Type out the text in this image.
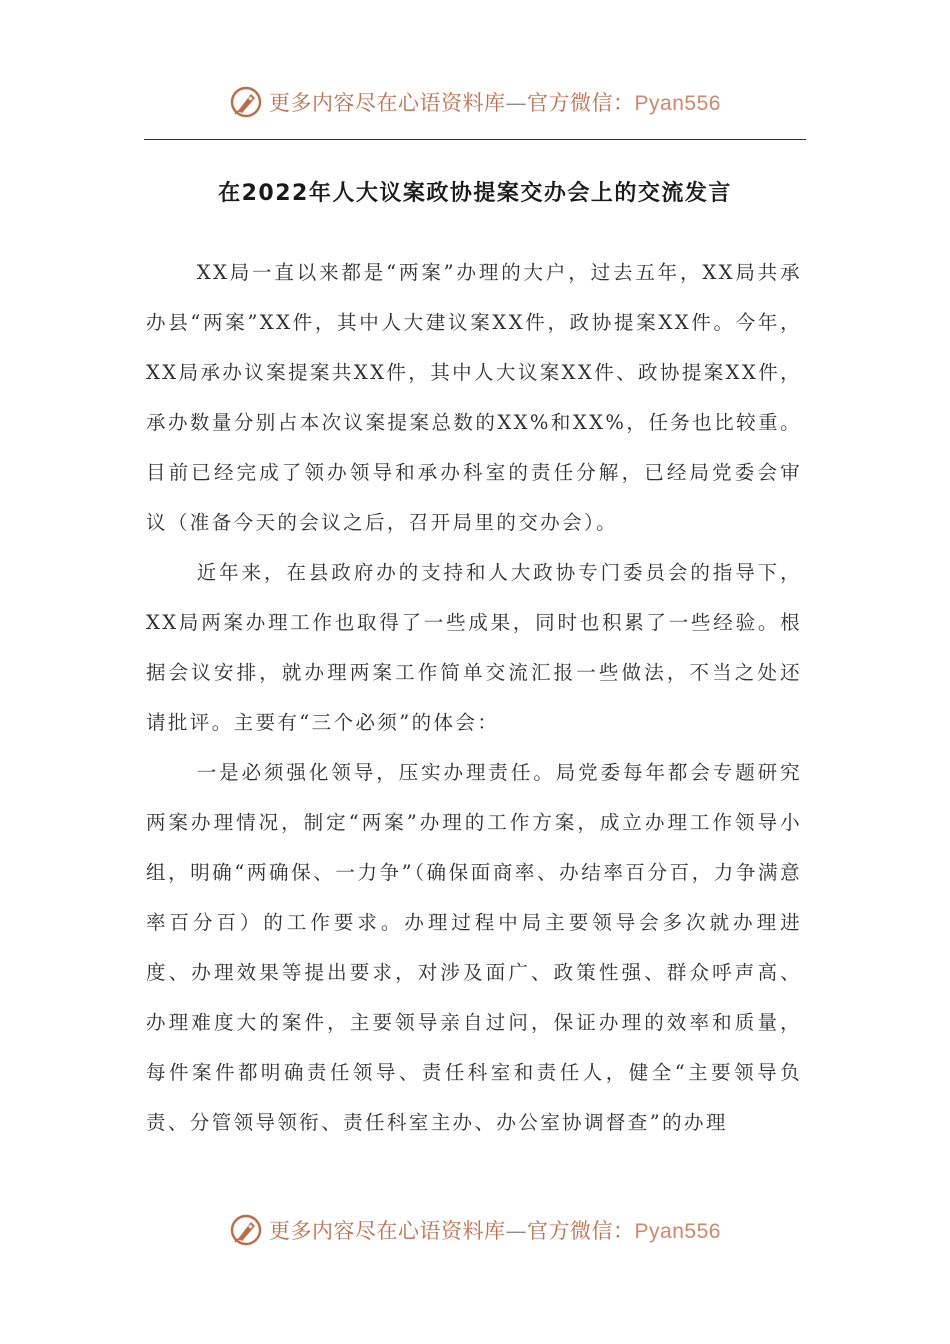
更多内容尽在心语资料库—官方微信：Pyan556
在2022年人大议案政协提案交办会上的交流发言

XX局一直以来都是“两案”办理的大户，过去五年，XX局共承办县“两案”XX件，其中人大建议案XX件，政协提案XX件。今年，XX局承办议案提案共XX件，其中人大议案XX件、政协提案XX件，承办数量分别占本次议案提案总数的XX%和XX%，任务也比较重。目前已经完成了领办领导和承办科室的责任分解，已经局党委会审议（准备今天的会议之后，召开局里的交办会）。

近年来，在县政府办的支持和人大政协专门委员会的指导下，XX局两案办理工作也取得了一些成果，同时也积累了一些经验。根据会议安排，就办理两案工作简单交流汇报一些做法，不当之处还请批评。主要有“三个必须”的体会：

一是必须强化领导，压实办理责任。局党委每年都会专题研究两案办理情况，制定“两案”办理的工作方案，成立办理工作领导小组，明确“两确保、一力争”（确保面商率、办结率百分百，力争满意率百分百）的工作要求。办理过程中局主要领导会多次就办理进度、办理效果等提出要求，对涉及面广、政策性强、群众呼声高、办理难度大的案件，主要领导亲自过问，保证办理的效率和质量，每件案件都明确责任领导、责任科室和责任人，健全“主要领导负责、分管领导领衔、责任科室主办、办公室协调督查”的办理

更多内容尽在心语资料库—官方微信：Pyan556
